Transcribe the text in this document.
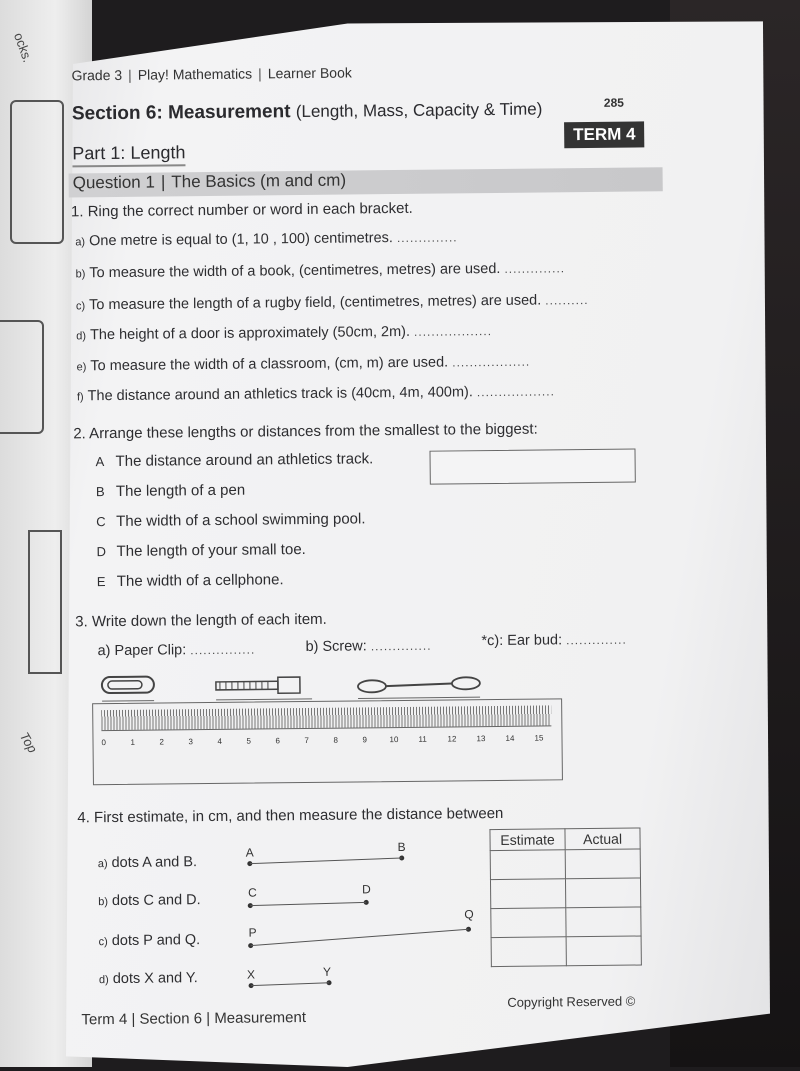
ocks.
Top
Grade 3 | Play! Mathematics | Learner Book
285
Section 6: Measurement (Length, Mass, Capacity & Time)
TERM 4
Part 1: Length
Question 1 | The Basics (m and cm)
1. Ring the correct number or word in each bracket.
a) One metre is equal to (1, 10 , 100) centimetres. ..............
b) To measure the width of a book, (centimetres, metres) are used. ..............
c) To measure the length of a rugby field, (centimetres, metres) are used. ..........
d) The height of a door is approximately (50cm, 2m). ..................
e) To measure the width of a classroom, (cm, m) are used. ..................
f) The distance around an athletics track is (40cm, 4m, 400m). ..................
2. Arrange these lengths or distances from the smallest to the biggest:
A The distance around an athletics track.
B The length of a pen
C The width of a school swimming pool.
D The length of your small toe.
E The width of a cellphone.
3. Write down the length of each item.
a) Paper Clip: ...............	b) Screw: ..............	*c): Ear bud: ..............
0	1	2	3	4	5	6	7	8	9	10 11	12 13 14 15
4. First estimate, in cm, and then measure the distance between
a) dots A and B.
b) dots C and D.
c) dots P and Q.
d) dots X and Y.
A	B
C	D
P
Q
X	Y
Estimate	Actual

Term 4 | Section 6 | Measurement
Copyright Reserved ©
